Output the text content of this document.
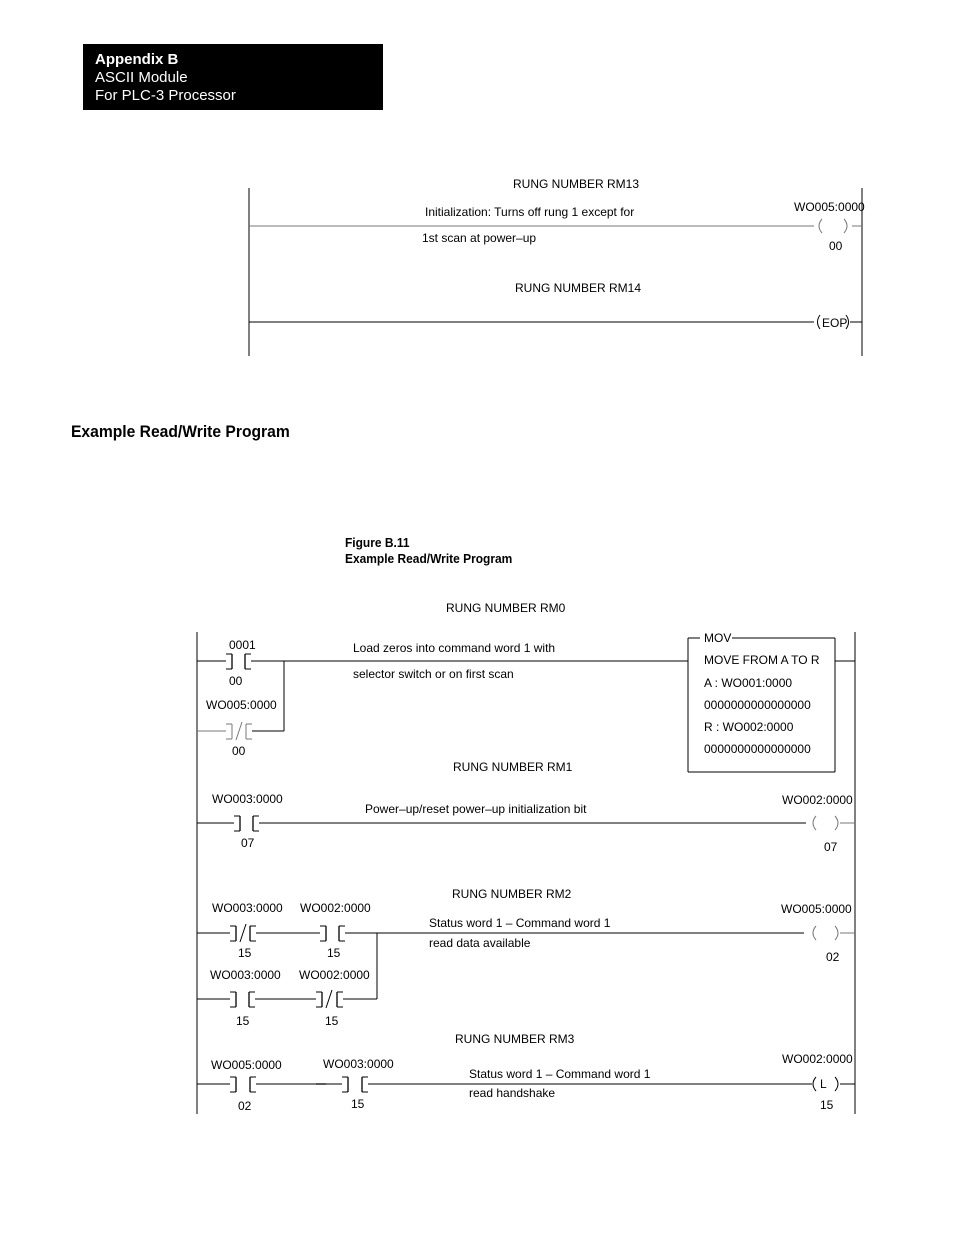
Appendix B
ASCII Module
For PLC-3 Processor
Example Read/Write Program
Figure B.11
Example Read/Write Program
RUNG NUMBER RM13
Initialization: Turns off rung 1 except for
1st scan at power–up
WO005:0000
00
RUNG NUMBER RM14
EOP
RUNG NUMBER RM0
0001
00
WO005:0000
00
Load zeros into command word 1 with
selector switch or on first scan
MOV
MOVE FROM A TO R
A : WO001:0000
0000000000000000
R : WO002:0000
0000000000000000
RUNG NUMBER RM1
WO003:0000
07
Power–up/reset power–up initialization bit
WO002:0000
07
RUNG NUMBER RM2
WO003:0000
15
WO002:0000
15
WO003:0000
15
WO002:0000
15
Status word 1 – Command word 1
read data available
WO005:0000
02
RUNG NUMBER RM3
WO005:0000
02
WO003:0000
15
Status word 1 – Command word 1
read handshake
WO002:0000
L
15
